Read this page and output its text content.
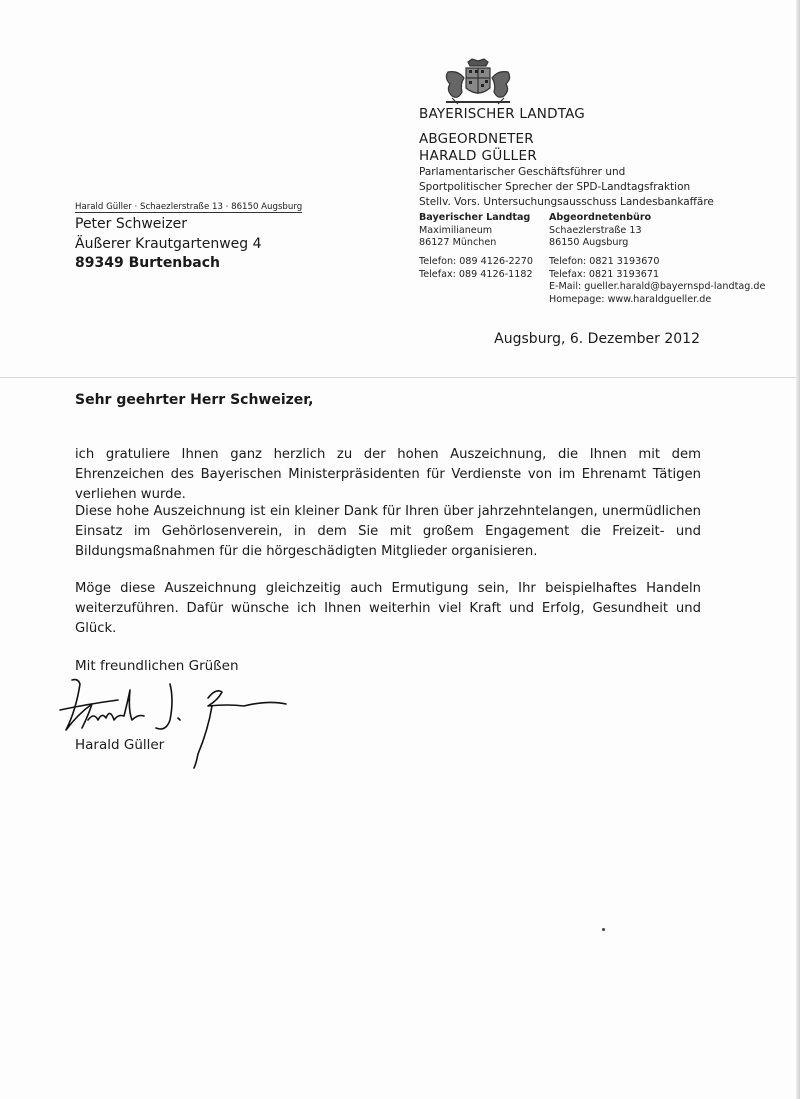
BAYERISCHER LANDTAG
ABGEORDNETER
HARALD GÜLLER
Parlamentarischer Geschäftsführer und
Sportpolitischer Sprecher der SPD-Landtagsfraktion
Stellv. Vors. Untersuchungsausschuss Landesbankaffäre
Bayerischer Landtag
Maximilianeum
86127 München
Telefon: 089 4126-2270
Telefax: 089 4126-1182
Abgeordnetenbüro
Schaezlerstraße 13
86150 Augsburg
Telefon: 0821 3193670
Telefax: 0821 3193671
E-Mail: gueller.harald@bayernspd-landtag.de
Homepage: www.haraldgueller.de
Harald Güller · Schaezlerstraße 13 · 86150 Augsburg
Peter Schweizer
Äußerer Krautgartenweg 4
89349 Burtenbach
Augsburg, 6. Dezember 2012
Sehr geehrter Herr Schweizer,
ich gratuliere Ihnen ganz herzlich zu der hohen Auszeichnung, die Ihnen mit dem Ehrenzeichen des Bayerischen Ministerpräsidenten für Verdienste von im Ehrenamt Tätigen verliehen wurde.
Diese hohe Auszeichnung ist ein kleiner Dank für Ihren über jahrzehntelangen, unermüdlichen Einsatz im Gehörlosenverein, in dem Sie mit großem Engagement die Freizeit- und Bildungsmaßnahmen für die hörgeschädigten Mitglieder organisieren.
Möge diese Auszeichnung gleichzeitig auch Ermutigung sein, Ihr beispielhaftes Handeln weiterzuführen. Dafür wünsche ich Ihnen weiterhin viel Kraft und Erfolg, Gesundheit und Glück.
Mit freundlichen Grüßen
Harald Güller
